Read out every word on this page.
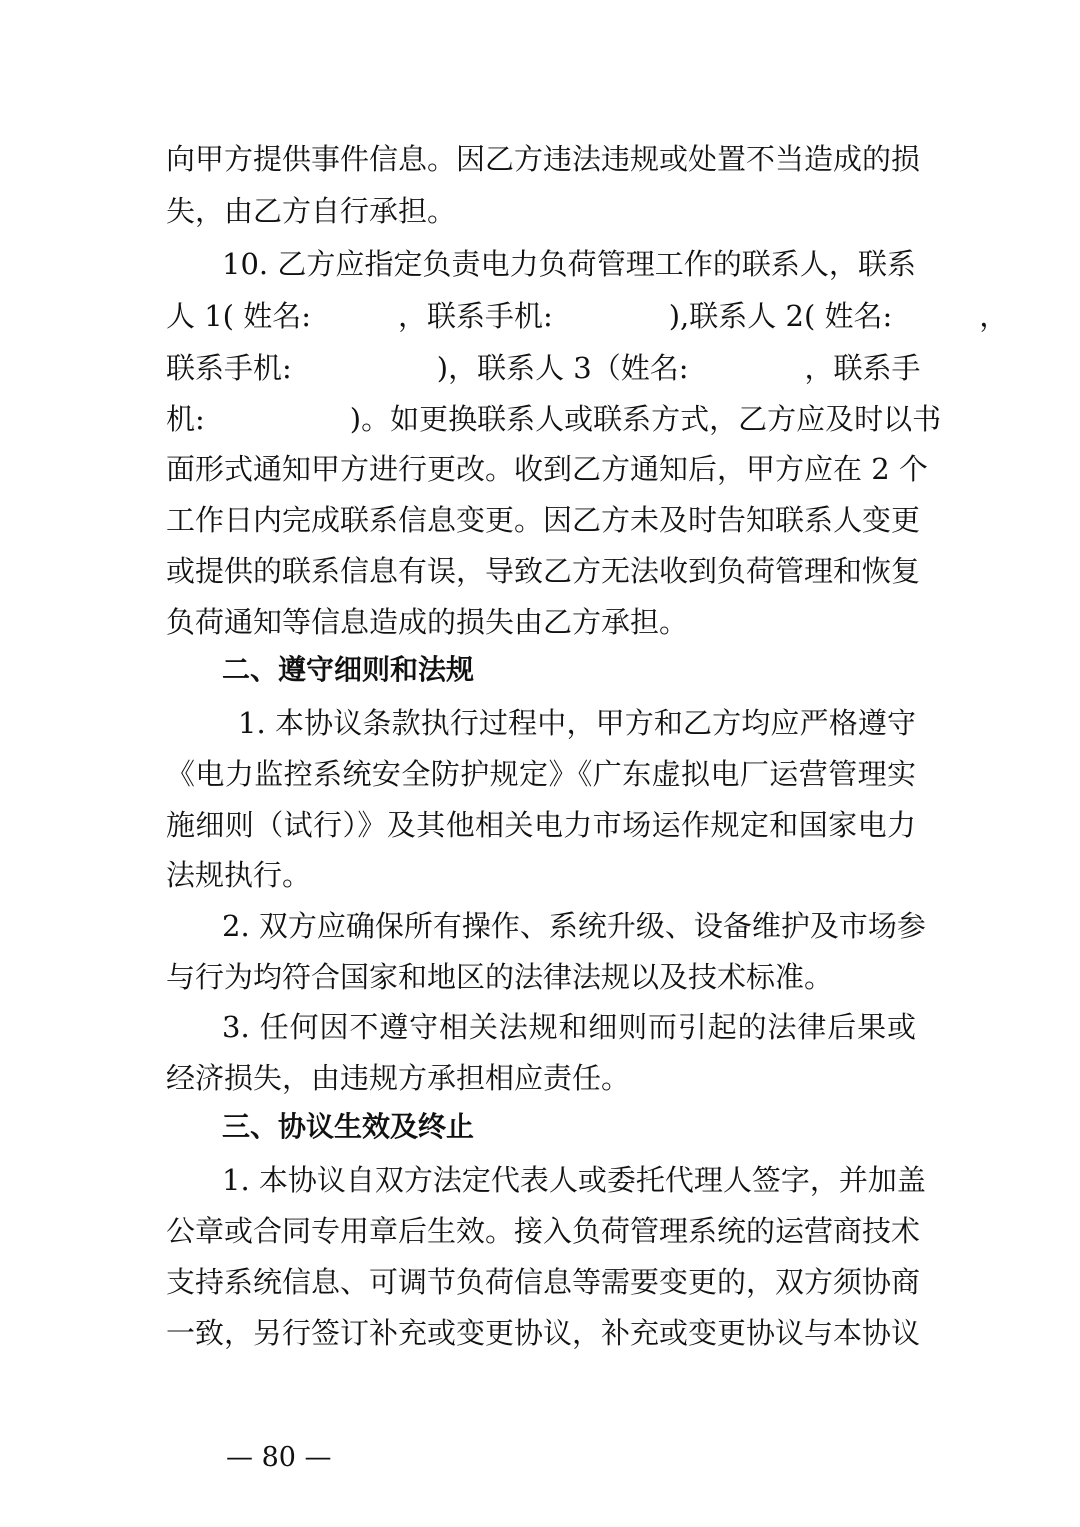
向甲方提供事件信息。因乙方违法违规或处置不当造成的损
失，由乙方自行承担。
10. 乙方应指定负责电力负荷管理工作的联系人，联系
人 1( 姓名:　　　，联系手机:　　　　),联系人 2( 姓名:　　　，
联系手机:　　　　　)，联系人 3（姓名:　　　　，联系手
机:　　　　　)。如更换联系人或联系方式，乙方应及时以书
面形式通知甲方进行更改。收到乙方通知后，甲方应在 2 个
工作日内完成联系信息变更。因乙方未及时告知联系人变更
或提供的联系信息有误，导致乙方无法收到负荷管理和恢复
负荷通知等信息造成的损失由乙方承担。
二、遵守细则和法规
1. 本协议条款执行过程中，甲方和乙方均应严格遵守
《电力监控系统安全防护规定》《广东虚拟电厂运营管理实
施细则（试行）》及其他相关电力市场运作规定和国家电力
法规执行。
2. 双方应确保所有操作、系统升级、设备维护及市场参
与行为均符合国家和地区的法律法规以及技术标准。
3. 任何因不遵守相关法规和细则而引起的法律后果或
经济损失，由违规方承担相应责任。
三、协议生效及终止
1. 本协议自双方法定代表人或委托代理人签字，并加盖
公章或合同专用章后生效。接入负荷管理系统的运营商技术
支持系统信息、可调节负荷信息等需要变更的，双方须协商
一致，另行签订补充或变更协议，补充或变更协议与本协议
— 80 —
